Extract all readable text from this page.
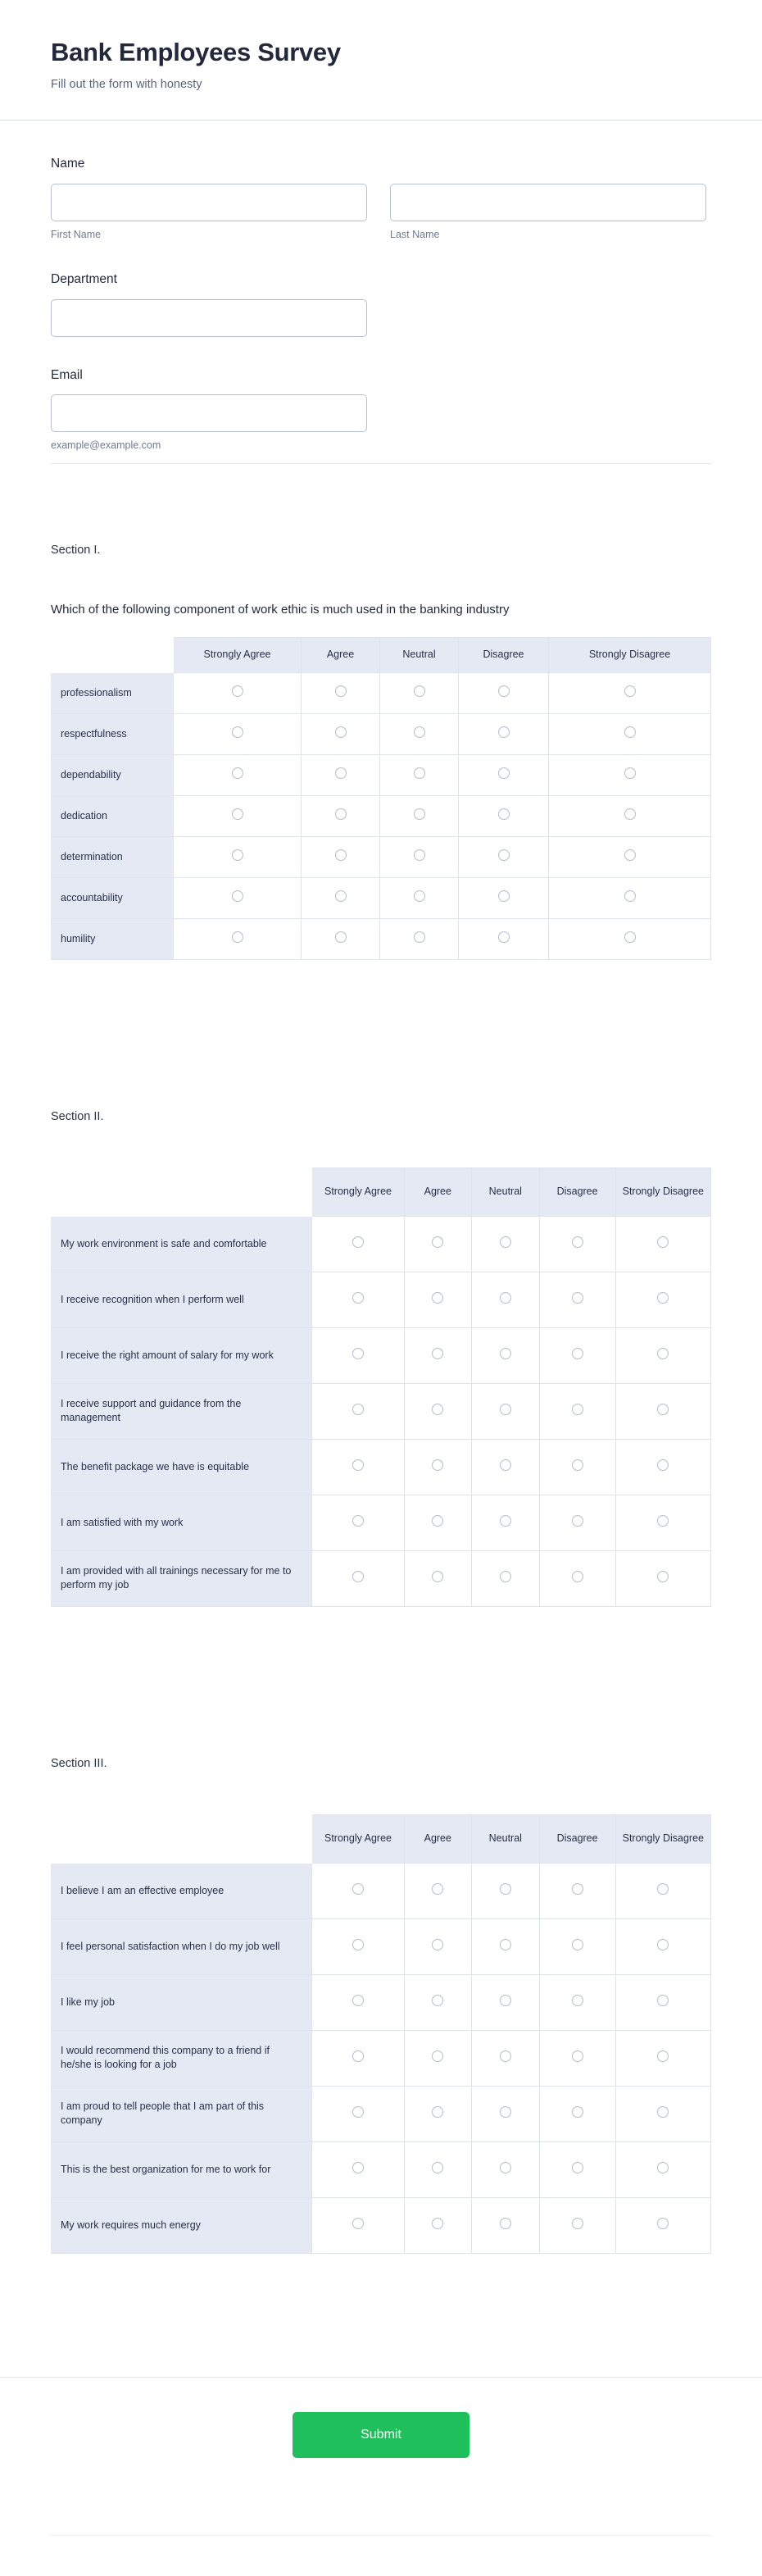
Bank Employees Survey

Fill out the form with honesty

Name
First Name	Last Name
Department
Email
example@example.com
Section I.
Which of the following component of work ethic is much used in the banking industry
	Strongly Agree	Agree	Neutral	Disagree	Strongly Disagree
professionalism					
respectfulness					
dependability					
dedication					
determination					
accountability					
humility					
Section II.
	Strongly Agree	Agree	Neutral	Disagree	Strongly Disagree
My work environment is safe and comfortable					
I receive recognition when I perform well					
I receive the right amount of salary for my work					
I receive support and guidance from the management					
The benefit package we have is equitable					
I am satisfied with my work					
I am provided with all trainings necessary for me to perform my job					
Section III.
	Strongly Agree	Agree	Neutral	Disagree	Strongly Disagree
I believe I am an effective employee					
I feel personal satisfaction when I do my job well					
I like my job					
I would recommend this company to a friend if he/she is looking for a job					
I am proud to tell people that I am part of this company					
This is the best organization for me to work for					
My work requires much energy					
Submit
